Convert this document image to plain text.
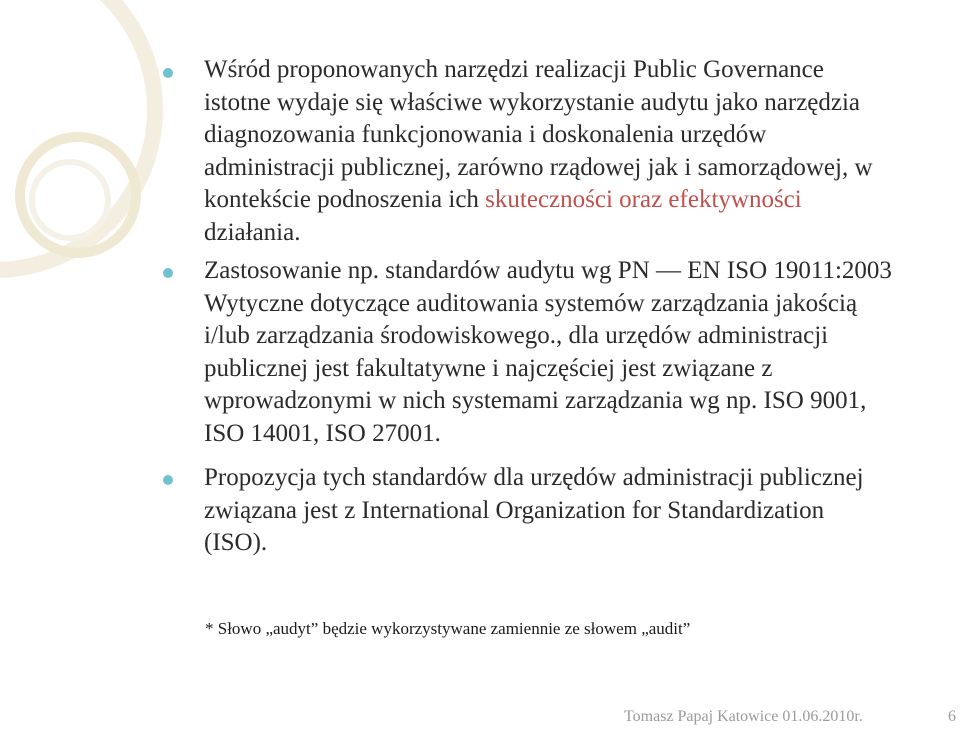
Wśród proponowanych narzędzi realizacji Public Governance
istotne wydaje się właściwe wykorzystanie audytu jako narzędzia
diagnozowania funkcjonowania i doskonalenia urzędów
administracji publicznej, zarówno rządowej jak i samorządowej, w
kontekście podnoszenia ich skuteczności oraz efektywności
działania.
Zastosowanie np. standardów audytu wg PN — EN ISO 19011:2003
Wytyczne dotyczące auditowania systemów zarządzania jakością
i/lub zarządzania środowiskowego., dla urzędów administracji
publicznej jest fakultatywne i najczęściej jest związane z
wprowadzonymi w nich systemami zarządzania wg np. ISO 9001,
ISO 14001, ISO 27001.
Propozycja tych standardów dla urzędów administracji publicznej
związana jest z International Organization for Standardization
(ISO).
* Słowo „audyt” będzie wykorzystywane zamiennie ze słowem „audit”
Tomasz Papaj Katowice 01.06.2010r.	6
